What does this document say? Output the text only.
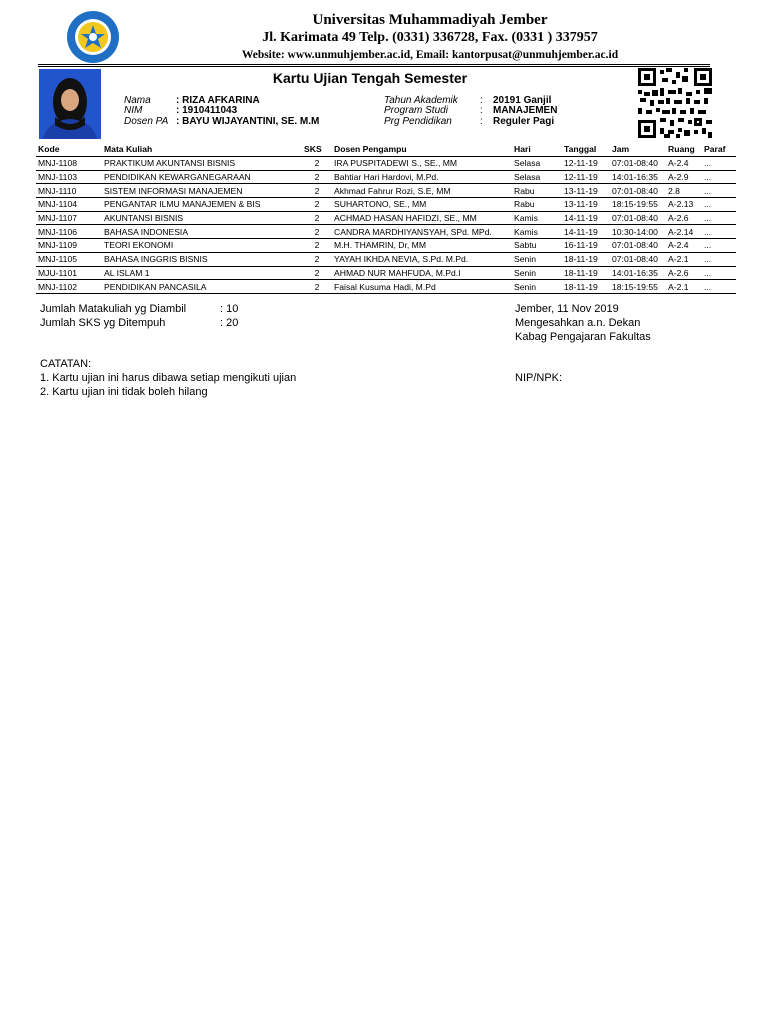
Universitas Muhammadiyah Jember
Jl. Karimata 49 Telp. (0331) 336728, Fax. (0331 ) 337957
Website: www.unmuhjember.ac.id, Email: kantorpusat@unmuhjember.ac.id
Kartu Ujian Tengah Semester
Nama	: RIZA AFKARINA
NIM	: 1910411043
Dosen PA : BAYU WIJAYANTINI, SE. M.M
Tahun Akademik : 20191 Ganjil
Program Studi	: MANAJEMEN
Prg Pendidikan	: Reguler Pagi
Kode	Mata Kuliah	SKS	Dosen Pengampu	Hari	Tanggal	Jam	Ruang	Paraf
MNJ-1108	PRAKTIKUM AKUNTANSI BISNIS	2	IRA PUSPITADEWI S., SE., MM	Selasa	12-11-19	07:01-08:40	A-2.4	...
MNJ-1103	PENDIDIKAN KEWARGANEGARAAN	2	Bahtiar Hari Hardovi, M.Pd.	Selasa	12-11-19	14:01-16:35	A-2.9	...
MNJ-1110	SISTEM INFORMASI MANAJEMEN	2	Akhmad Fahrur Rozi, S.E, MM	Rabu	13-11-19	07:01-08:40	2.8	...
MNJ-1104	PENGANTAR ILMU MANAJEMEN & BIS	2	SUHARTONO, SE., MM	Rabu	13-11-19	18:15-19:55	A-2.13	...
MNJ-1107	AKUNTANSI BISNIS	2	ACHMAD HASAN HAFIDZI, SE., MM	Kamis	14-11-19	07:01-08:40	A-2.6	...
MNJ-1106	BAHASA INDONESIA	2	CANDRA MARDHIYANSYAH, SPd. MPd.	Kamis	14-11-19	10:30-14:00	A-2.14	...
MNJ-1109	TEORI EKONOMI	2	M.H. THAMRIN, Dr, MM	Sabtu	16-11-19	07:01-08:40	A-2.4	...
MNJ-1105	BAHASA INGGRIS BISNIS	2	YAYAH IKHDA NEVIA, S.Pd. M.Pd.	Senin	18-11-19	07:01-08:40	A-2.1	...
MJU-1101	AL ISLAM 1	2	AHMAD NUR MAHFUDA, M.Pd.I	Senin	18-11-19	14:01-16:35	A-2.6	...
MNJ-1102	PENDIDIKAN PANCASILA	2	Faisal Kusuma Hadi, M.Pd	Senin	18-11-19	18:15-19:55	A-2.1	...
Jumlah Matakuliah yg Diambil	: 10
Jumlah SKS yg Ditempuh	: 20
Jember, 11 Nov 2019
Mengesahkan a.n. Dekan
Kabag Pengajaran Fakultas
NIP/NPK:
CATATAN:
1. Kartu ujian ini harus dibawa setiap mengikuti ujian
2. Kartu ujian ini tidak boleh hilang
